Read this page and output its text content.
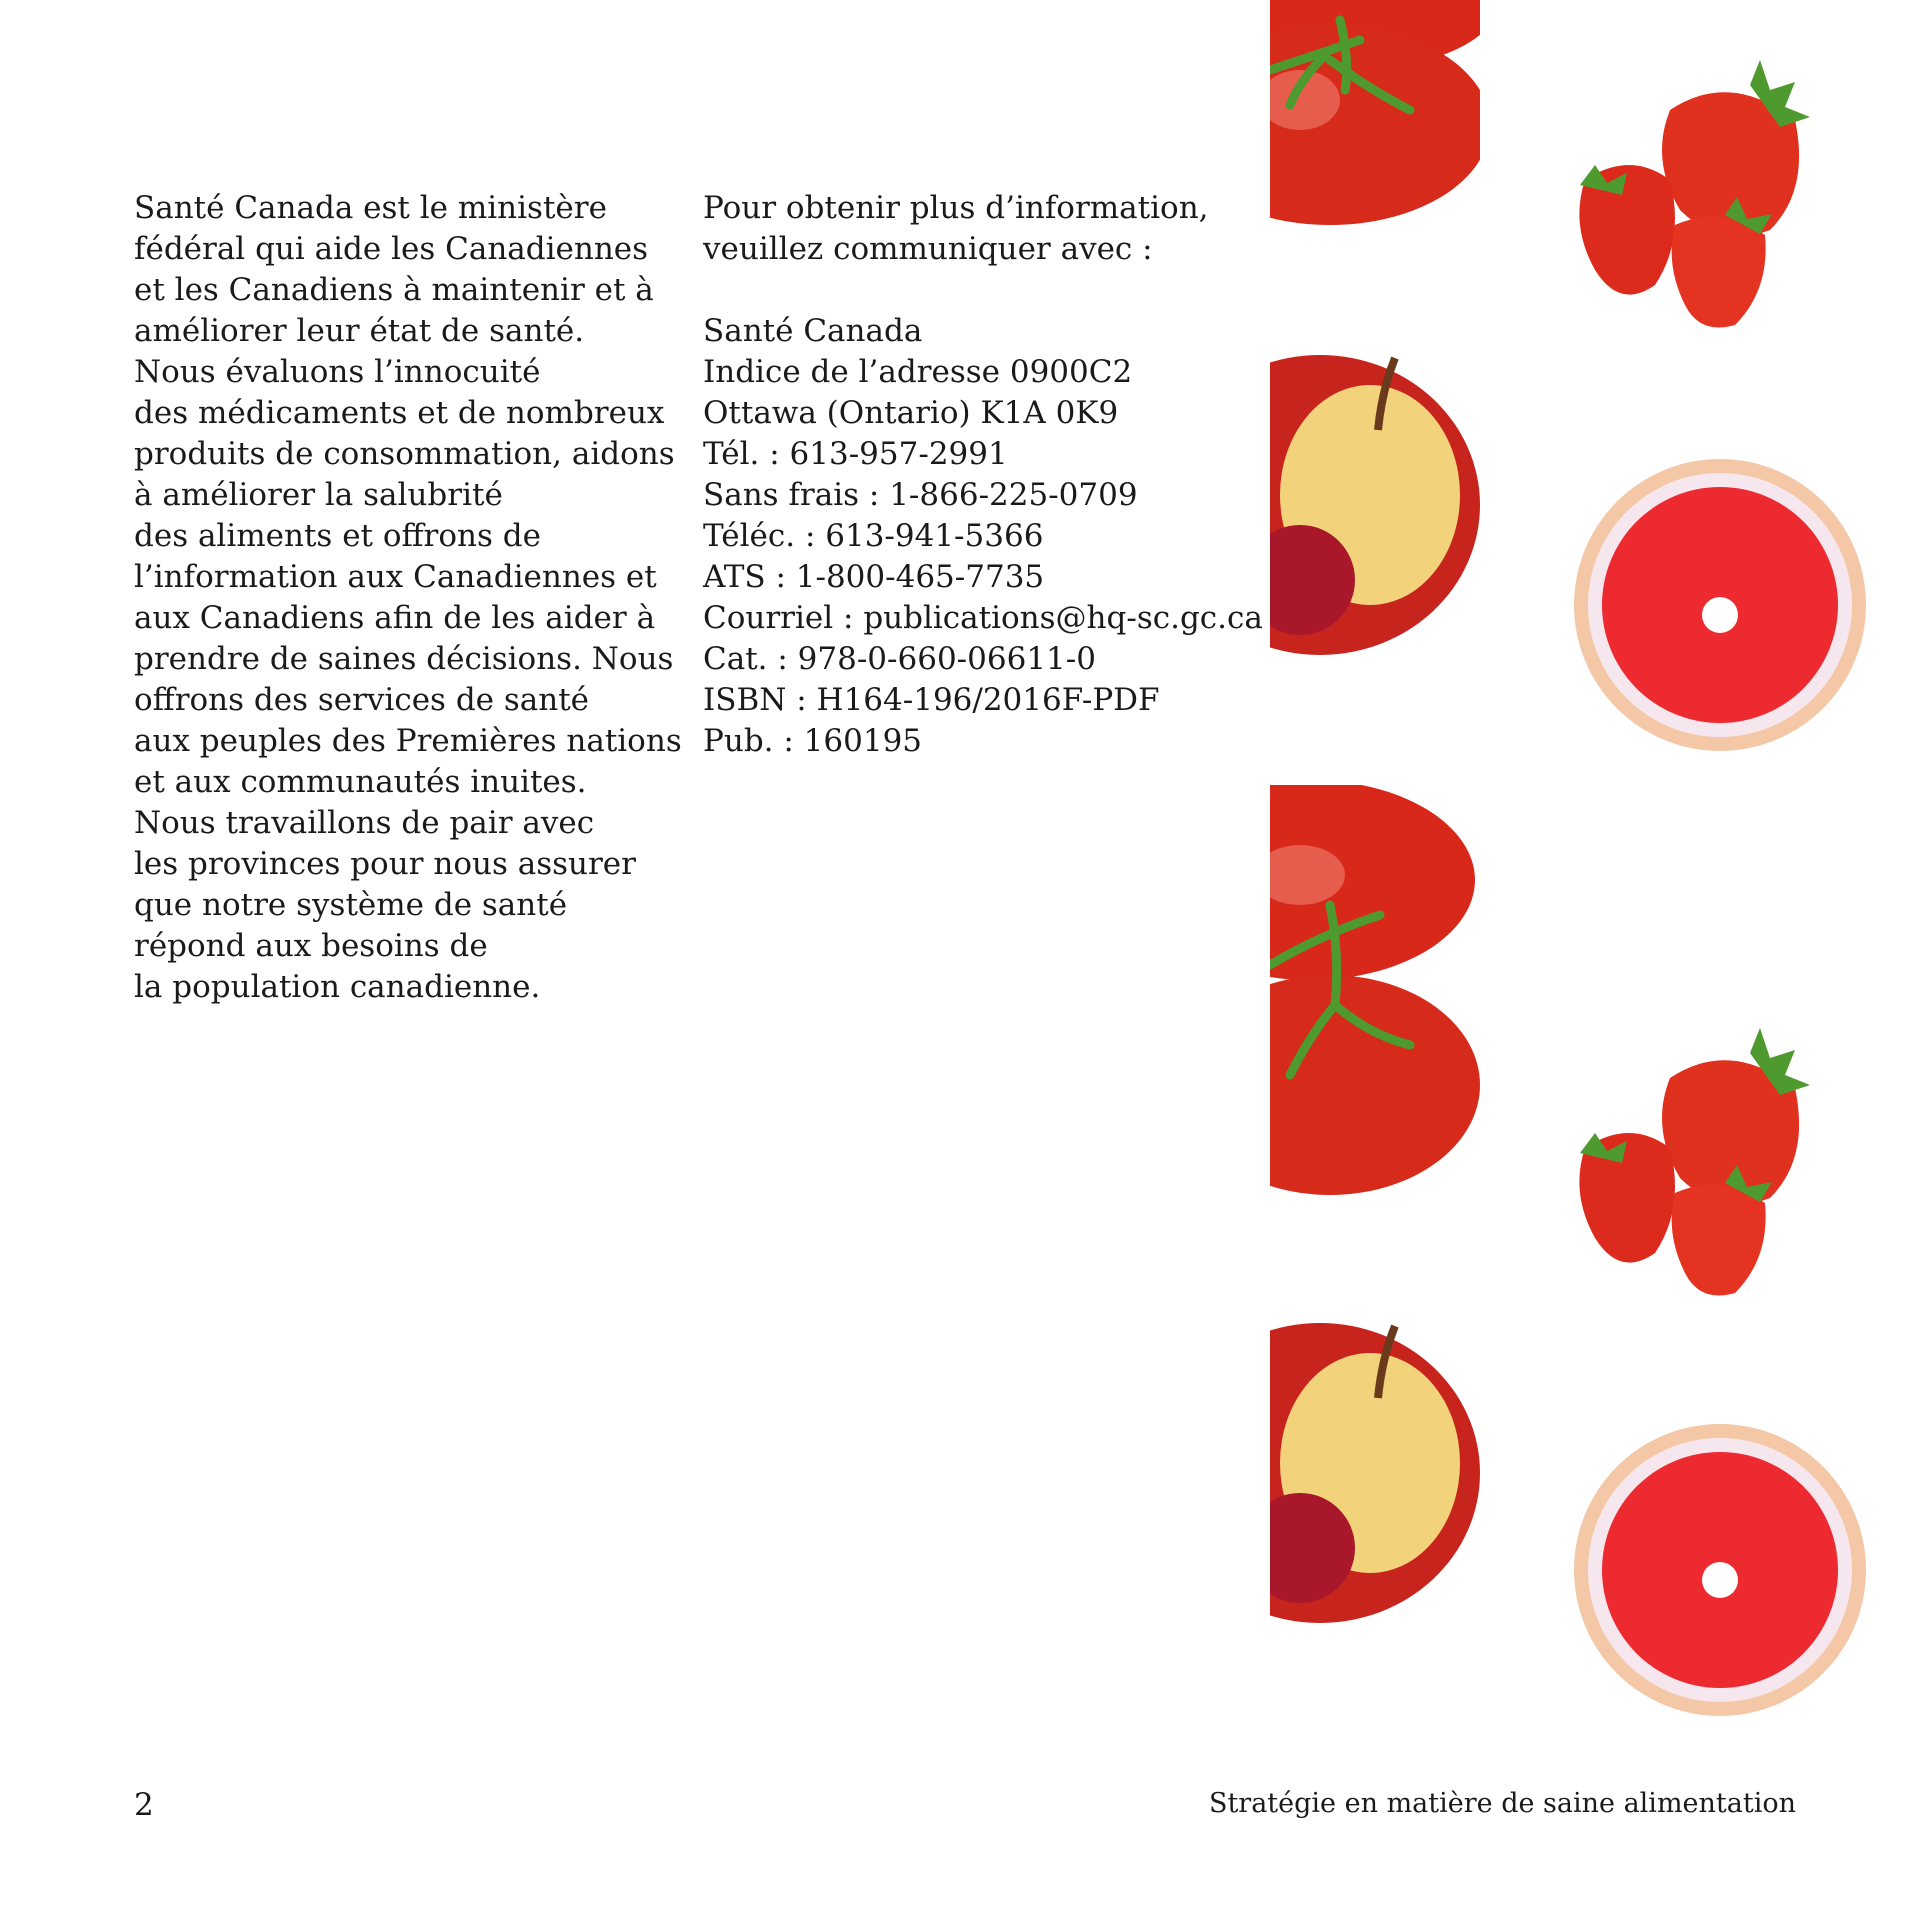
Santé Canada est le ministère
fédéral qui aide les Canadiennes
et les Canadiens à maintenir et à
améliorer leur état de santé.
Nous évaluons l’innocuité
des médicaments et de nombreux
produits de consommation, aidons
à améliorer la salubrité
des aliments et offrons de
l’information aux Canadiennes et
aux Canadiens afin de les aider à
prendre de saines décisions. Nous
offrons des services de santé
aux peuples des Premières nations
et aux communautés inuites.
Nous travaillons de pair avec
les provinces pour nous assurer
que notre système de santé
répond aux besoins de
la population canadienne.
Pour obtenir plus d’information,
veuillez communiquer avec :
Santé Canada
Indice de l’adresse 0900C2
Ottawa (Ontario) K1A 0K9
Tél. : 613-957-2991
Sans frais : 1-866-225-0709
Téléc. : 613-941-5366
ATS : 1-800-465-7735
Courriel : publications@hq-sc.gc.ca
Cat. : 978-0-660-06611-0
ISBN : H164-196/2016F-PDF
Pub. : 160195
2	Stratégie en matière de saine alimentation
